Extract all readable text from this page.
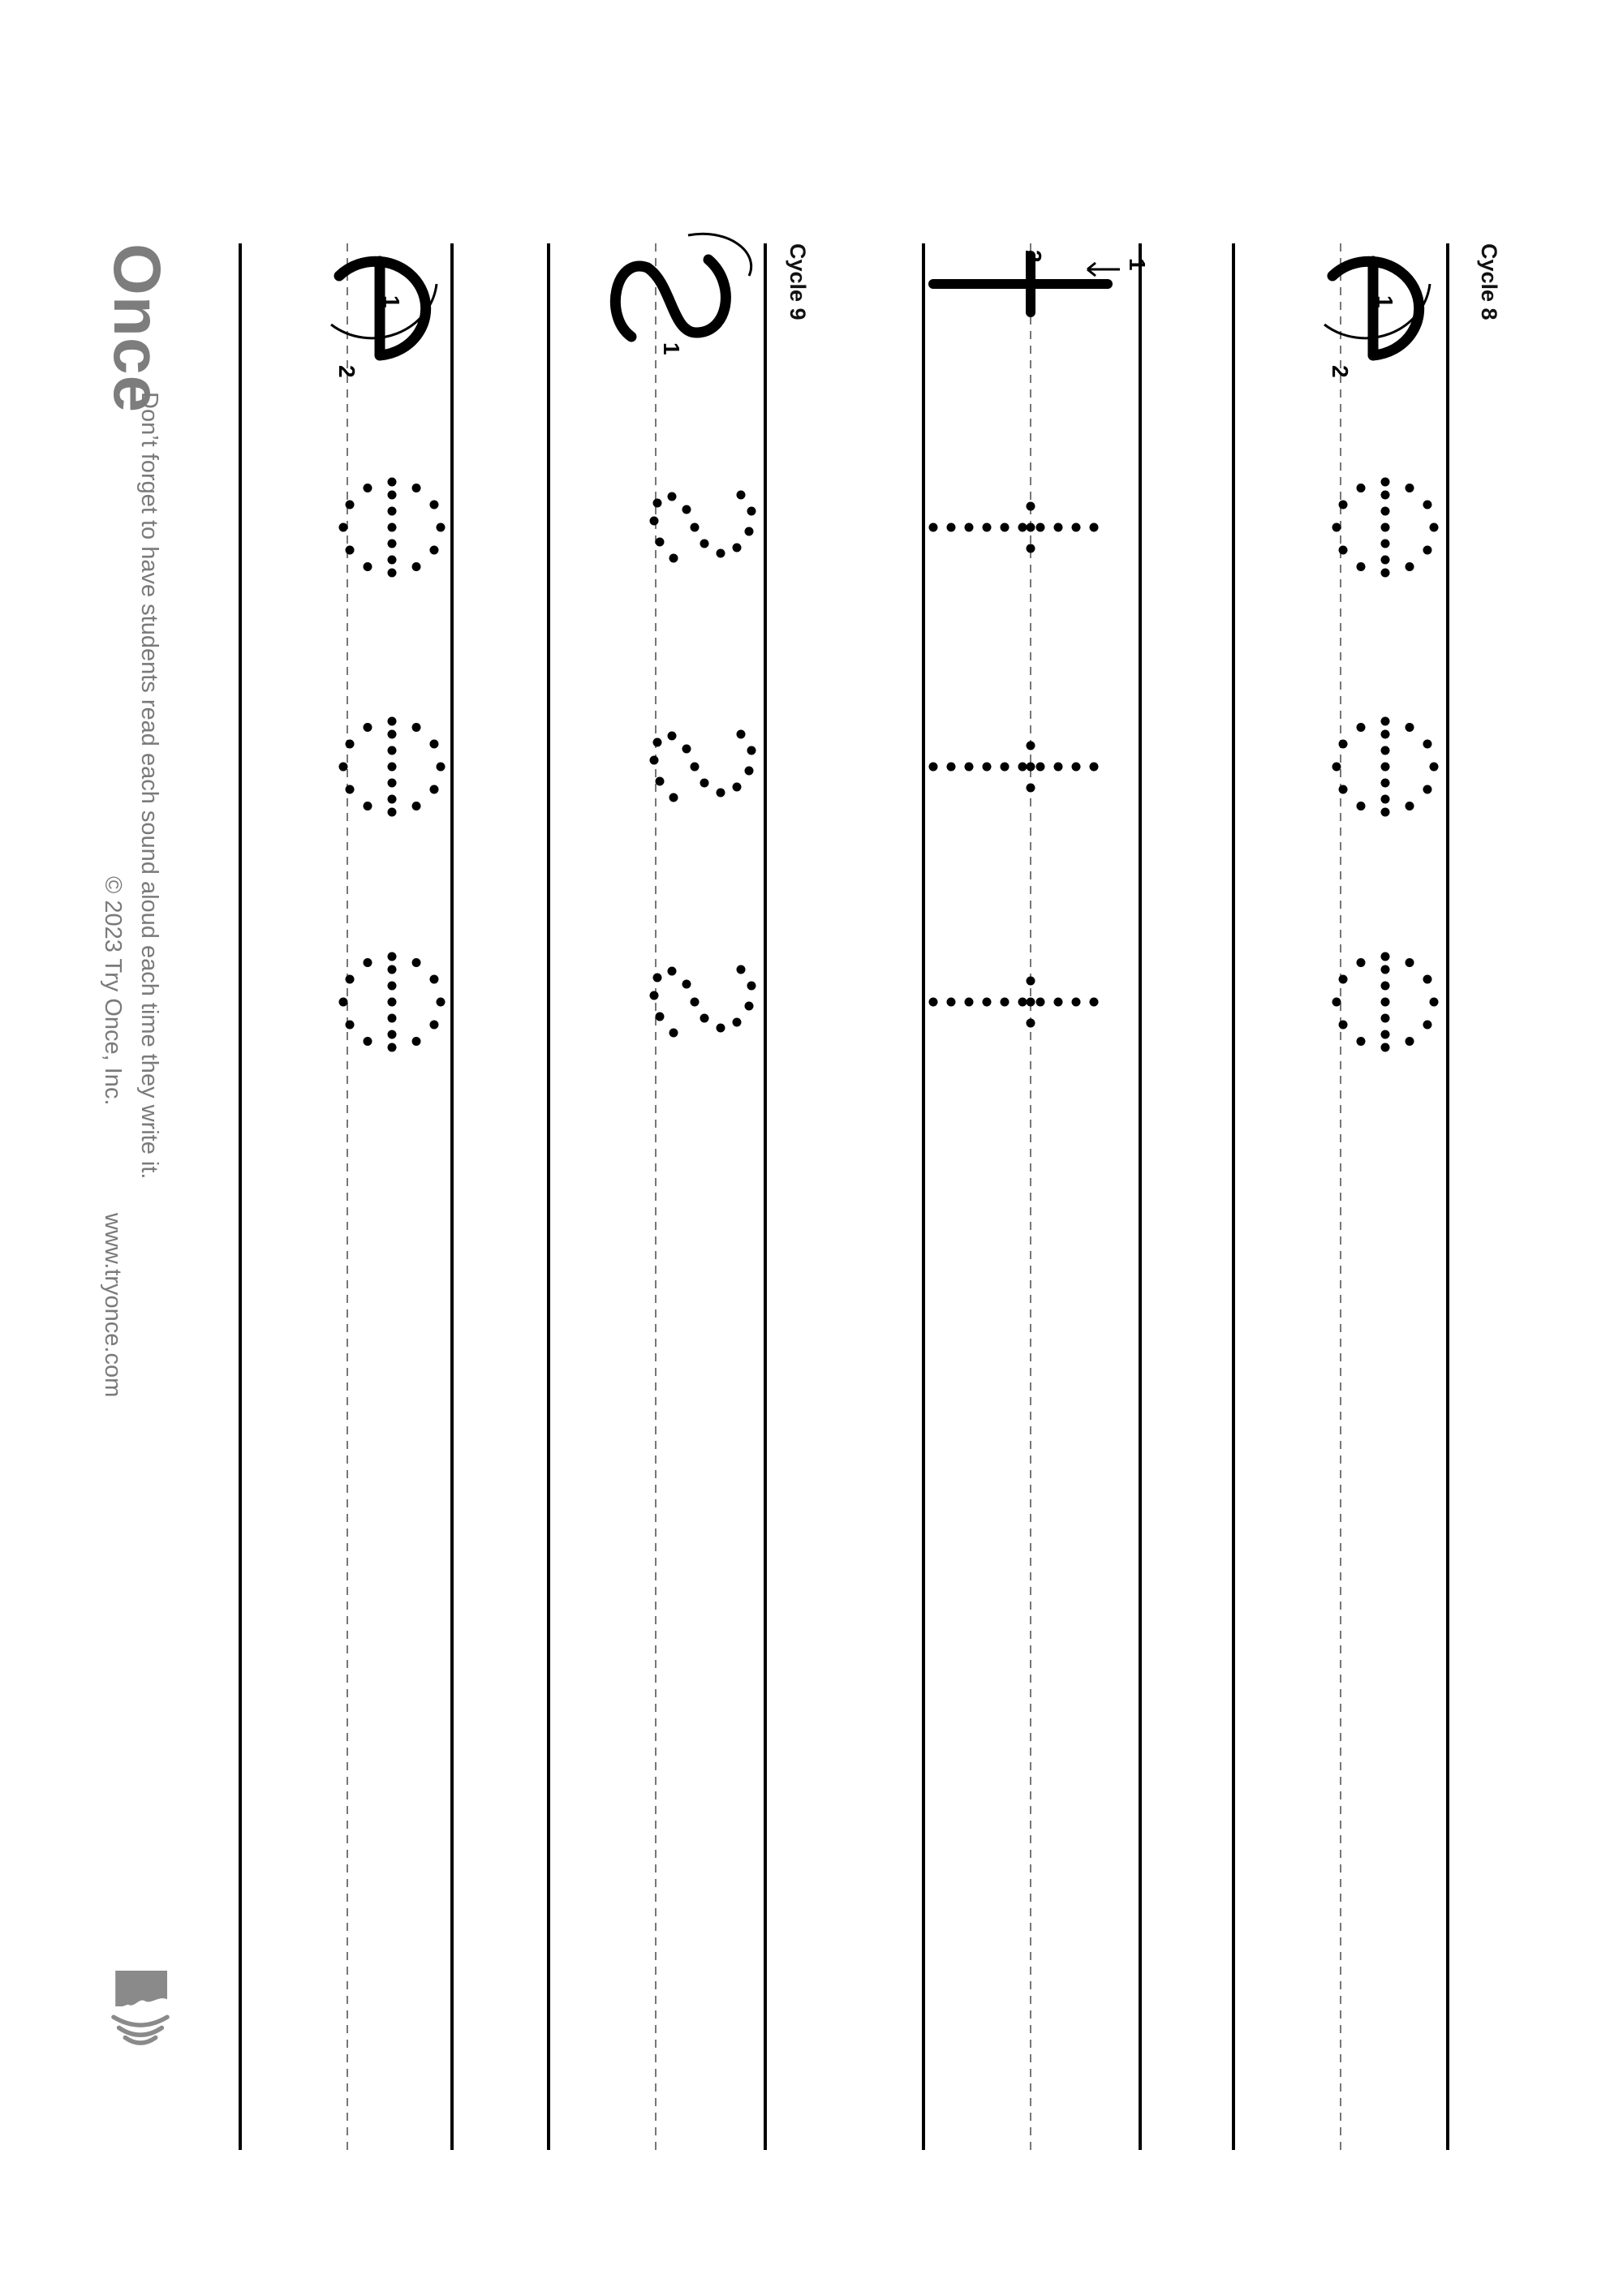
1
2
1
2
1
1
2
Cycle 8
Cycle 9
Once
Don’t forget to have students read each sound aloud each time they write it.
© 2023 Try Once, Inc.
www.tryonce.com
